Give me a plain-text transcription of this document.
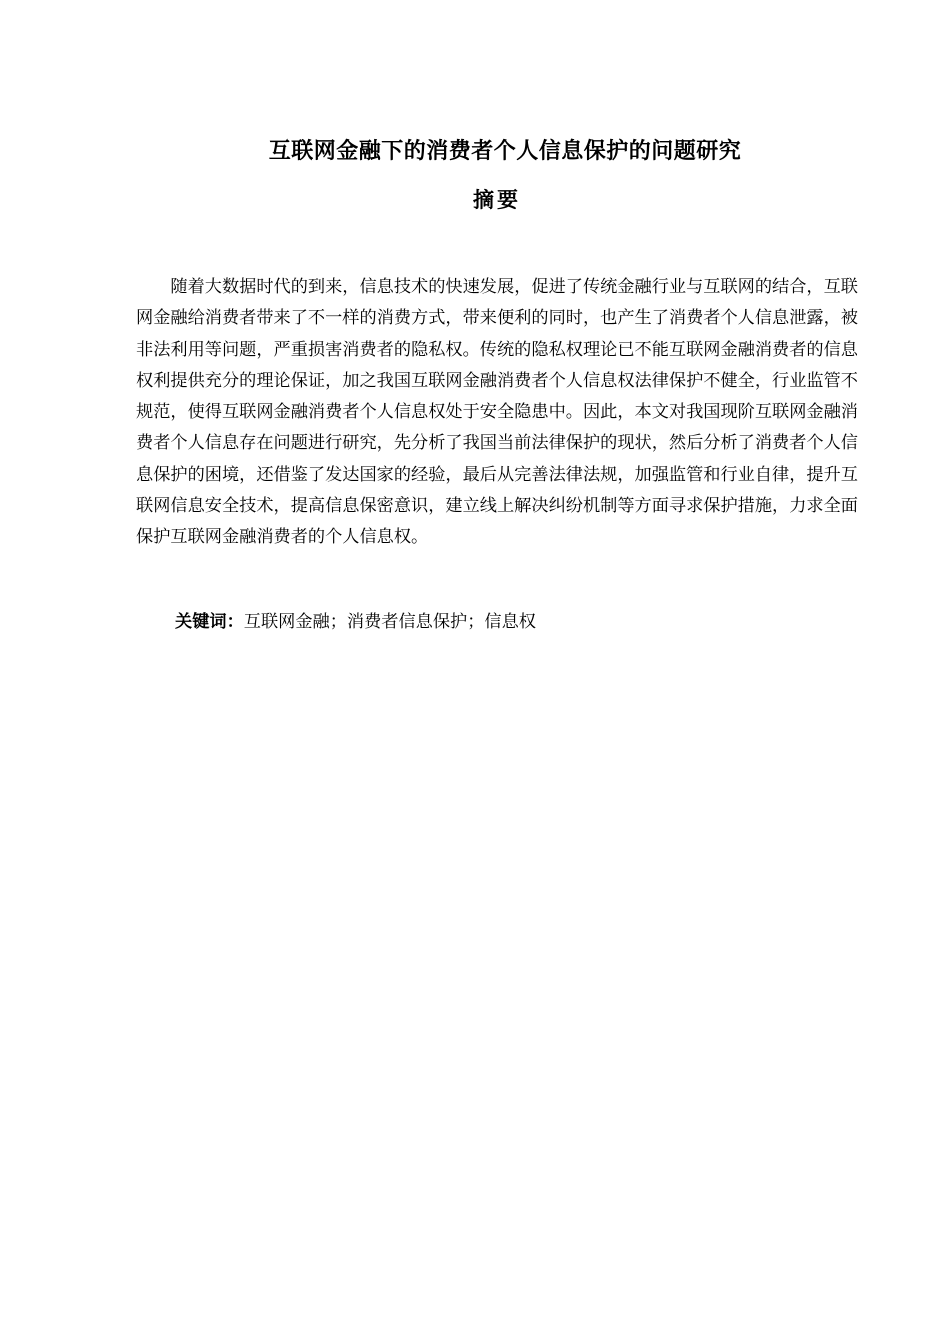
互联网金融下的消费者个人信息保护的问题研究
摘要

随着大数据时代的到来，信息技术的快速发展，促进了传统金融行业与互联网的结合，互联网金融给消费者带来了不一样的消费方式，带来便利的同时，也产生了消费者个人信息泄露，被非法利用等问题，严重损害消费者的隐私权。传统的隐私权理论已不能互联网金融消费者的信息权利提供充分的理论保证，加之我国互联网金融消费者个人信息权法律保护不健全，行业监管不规范，使得互联网金融消费者个人信息权处于安全隐患中。因此，本文对我国现阶互联网金融消费者个人信息存在问题进行研究，先分析了我国当前法律保护的现状，然后分析了消费者个人信息保护的困境，还借鉴了发达国家的经验，最后从完善法律法规，加强监管和行业自律，提升互联网信息安全技术，提高信息保密意识，建立线上解决纠纷机制等方面寻求保护措施，力求全面保护互联网金融消费者的个人信息权。

关键词：互联网金融；消费者信息保护；信息权
